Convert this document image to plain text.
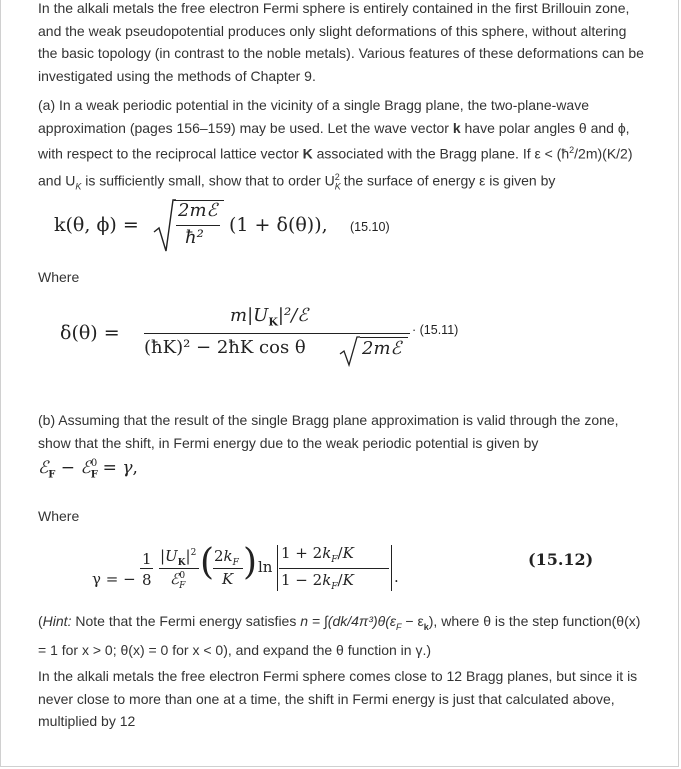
In the alkali metals the free electron Fermi sphere is entirely contained in the first Brillouin zone, and the weak pseudopotential produces only slight deformations of this sphere, without altering the basic topology (in contrast to the noble metals). Various features of these deformations can be investigated using the methods of Chapter 9.

(a) In a weak periodic potential in the vicinity of a single Bragg plane, the two-plane-wave approximation (pages 156–159) may be used. Let the wave vector k have polar angles θ and ϕ, with respect to the reciprocal lattice vector K associated with the Bragg plane. If $\varepsilon < (ħ^2/2m)(K/2)$ and $U_K$ is sufficiently small, show that to order $U_K^2$ the surface of energy ε is given by

k(θ, ϕ) =
2mℰ
ħ²
(1 + δ(θ)), (15.10)
Where
δ(θ) =
$m|U_K|^2/ℰ$
(ħK)² − 2ħK cos θ	2mℰ
· (15.11)

(b) Assuming that the result of the single Bragg plane approximation is valid through the zone, show that the shift, in Fermi energy due to the weak periodic potential is given by

ℰ$_F$ − ℰ$_F^0$ = γ,
Where
γ = −
1
8
$|U_K|^2$
ℰ$_F^0$ ( $2k_F$
K ) ln
$1 + 2k_F/K$
$1 - 2k_F/K$	.
(15.12)

(Hint: Note that the Fermi energy satisfies $n = \int(dk/4\pi^3)\theta(\varepsilon_F - \varepsilon_k)$, where θ is the step function(θ(x) = 1 for x > 0; θ(x) = 0 for x < 0), and expand the θ function in γ.)

In the alkali metals the free electron Fermi sphere comes close to 12 Bragg planes, but since it is never close to more than one at a time, the shift in Fermi energy is just that calculated above, multiplied by 12
